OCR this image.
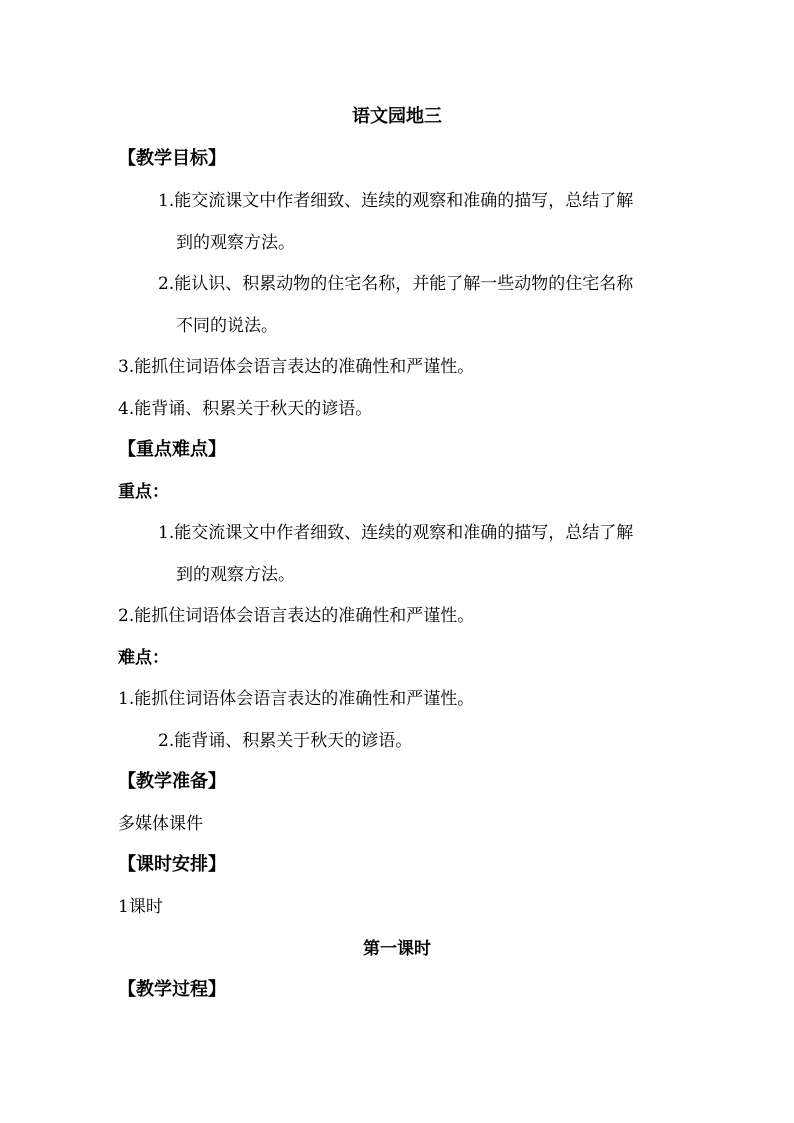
语文园地三
【教学目标】
1.能交流课文中作者细致、连续的观察和准确的描写，总结了解
到的观察方法。
2.能认识、积累动物的住宅名称，并能了解一些动物的住宅名称
不同的说法。
3.能抓住词语体会语言表达的准确性和严谨性。
4.能背诵、积累关于秋天的谚语。
【重点难点】
重点：
1.能交流课文中作者细致、连续的观察和准确的描写，总结了解
到的观察方法。
2.能抓住词语体会语言表达的准确性和严谨性。
难点：
1.能抓住词语体会语言表达的准确性和严谨性。
2.能背诵、积累关于秋天的谚语。
【教学准备】
多媒体课件
【课时安排】
1课时
第一课时
【教学过程】
